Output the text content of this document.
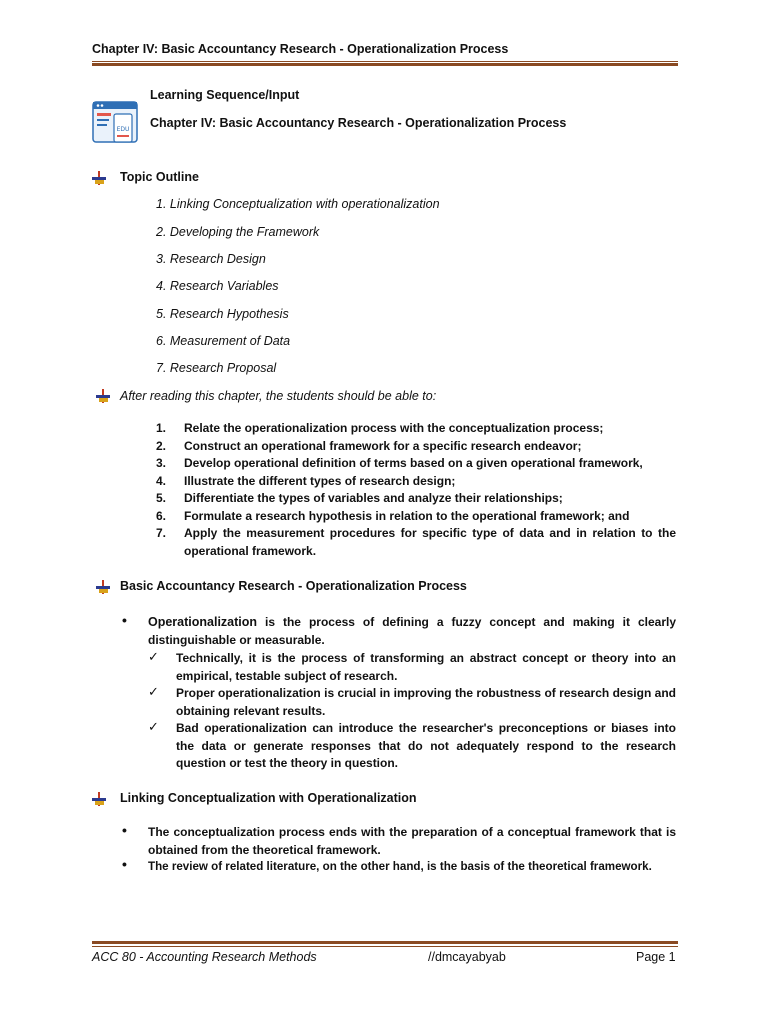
Chapter IV: Basic Accountancy Research - Operationalization Process
EDU
Learning Sequence/Input
Chapter IV: Basic Accountancy Research - Operationalization Process
Topic Outline
1. Linking Conceptualization with operationalization
2. Developing the Framework
3. Research Design
4. Research Variables
5. Research Hypothesis
6. Measurement of Data
7. Research Proposal
After reading this chapter, the students should be able to:
1.	Relate the operationalization process with the conceptualization process;
2.	Construct an operational framework for a specific research endeavor;
3.	Develop operational definition of terms based on a given operational framework,
4.	Illustrate the different types of research design;
5.	Differentiate the types of variables and analyze their relationships;
6.	Formulate a research hypothesis in relation to the operational framework; and
7.	Apply the measurement procedures for specific type of data and in relation to the operational framework.
Basic Accountancy Research - Operationalization Process
• Operationalization is the process of defining a fuzzy concept and making it clearly distinguishable or measurable.
✓ Technically, it is the process of transforming an abstract concept or theory into an empirical, testable subject of research.
✓ Proper operationalization is crucial in improving the robustness of research design and obtaining relevant results.
✓ Bad operationalization can introduce the researcher's preconceptions or biases into the data or generate responses that do not adequately respond to the research question or test the theory in question.
Linking Conceptualization with Operationalization
• The conceptualization process ends with the preparation of a conceptual framework that is obtained from the theoretical framework.
• The review of related literature, on the other hand, is the basis of the theoretical framework.
ACC 80 - Accounting Research Methods	//dmcayabyab	Page 1
